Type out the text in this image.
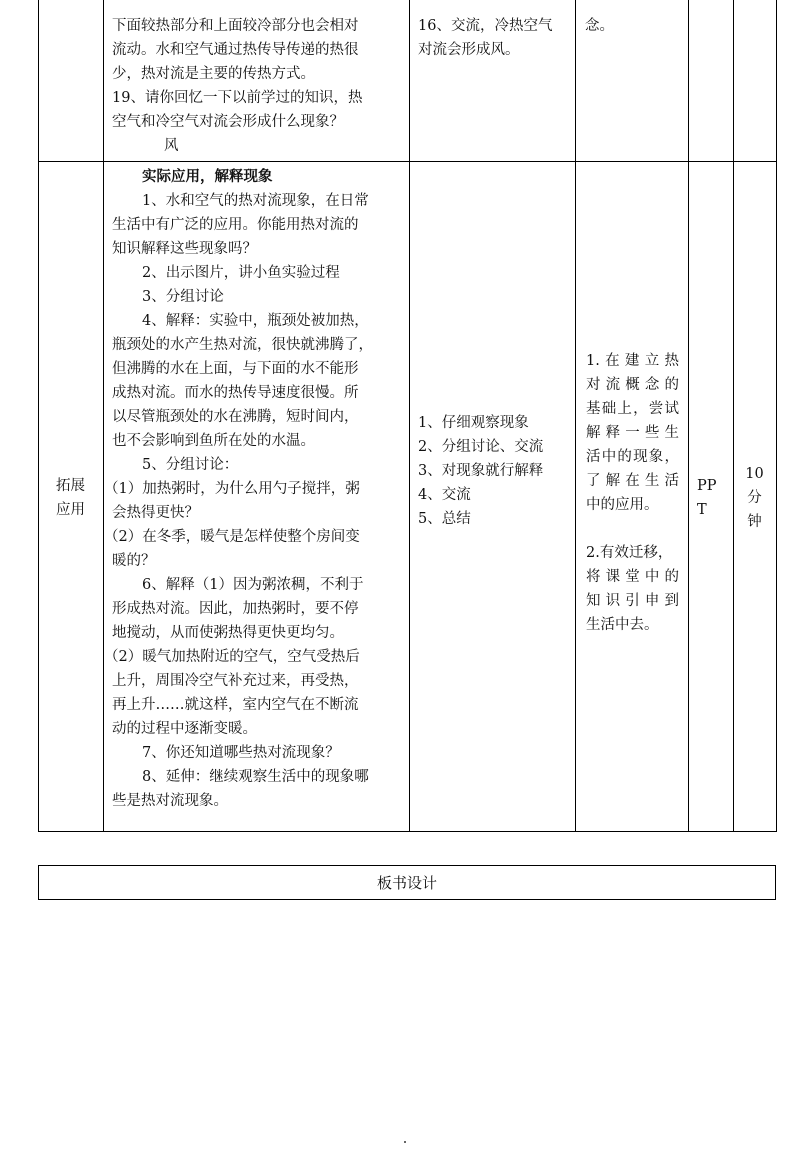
下面较热部分和上面较冷部分也会相对
流动。水和空气通过热传导传递的热很
少，热对流是主要的传热方式。
19、请你回忆一下以前学过的知识，热
空气和冷空气对流会形成什么现象？
风
16、交流，冷热空气
对流会形成风。
念。
拓展
应用
实际应用，解释现象
1、水和空气的热对流现象，在日常
生活中有广泛的应用。你能用热对流的
知识解释这些现象吗？
2、出示图片，讲小鱼实验过程
3、分组讨论
4、解释：实验中，瓶颈处被加热，
瓶颈处的水产生热对流，很快就沸腾了，
但沸腾的水在上面，与下面的水不能形
成热对流。而水的热传导速度很慢。所
以尽管瓶颈处的水在沸腾，短时间内，
也不会影响到鱼所在处的水温。
5、分组讨论：
（1）加热粥时，为什么用勺子搅拌，粥
会热得更快？
（2）在冬季，暖气是怎样使整个房间变
暖的？
6、解释（1）因为粥浓稠，不利于
形成热对流。因此，加热粥时，要不停
地搅动，从而使粥热得更快更均匀。
（2）暖气加热附近的空气，空气受热后
上升，周围冷空气补充过来，再受热，
再上升……就这样，室内空气在不断流
动的过程中逐渐变暖。
7、你还知道哪些热对流现象？
8、延伸：继续观察生活中的现象哪
些是热对流现象。
1、仔细观察现象
2、分组讨论、交流
3、对现象就行解释
4、交流
5、总结
1.在建立热
对流概念的
基础上，尝试
解释一些生
活中的现象，
了解在生活
中的应用。
2.有效迁移，
将课堂中的
知识引申到
生活中去。
PP
T
10
分
钟
板书设计
